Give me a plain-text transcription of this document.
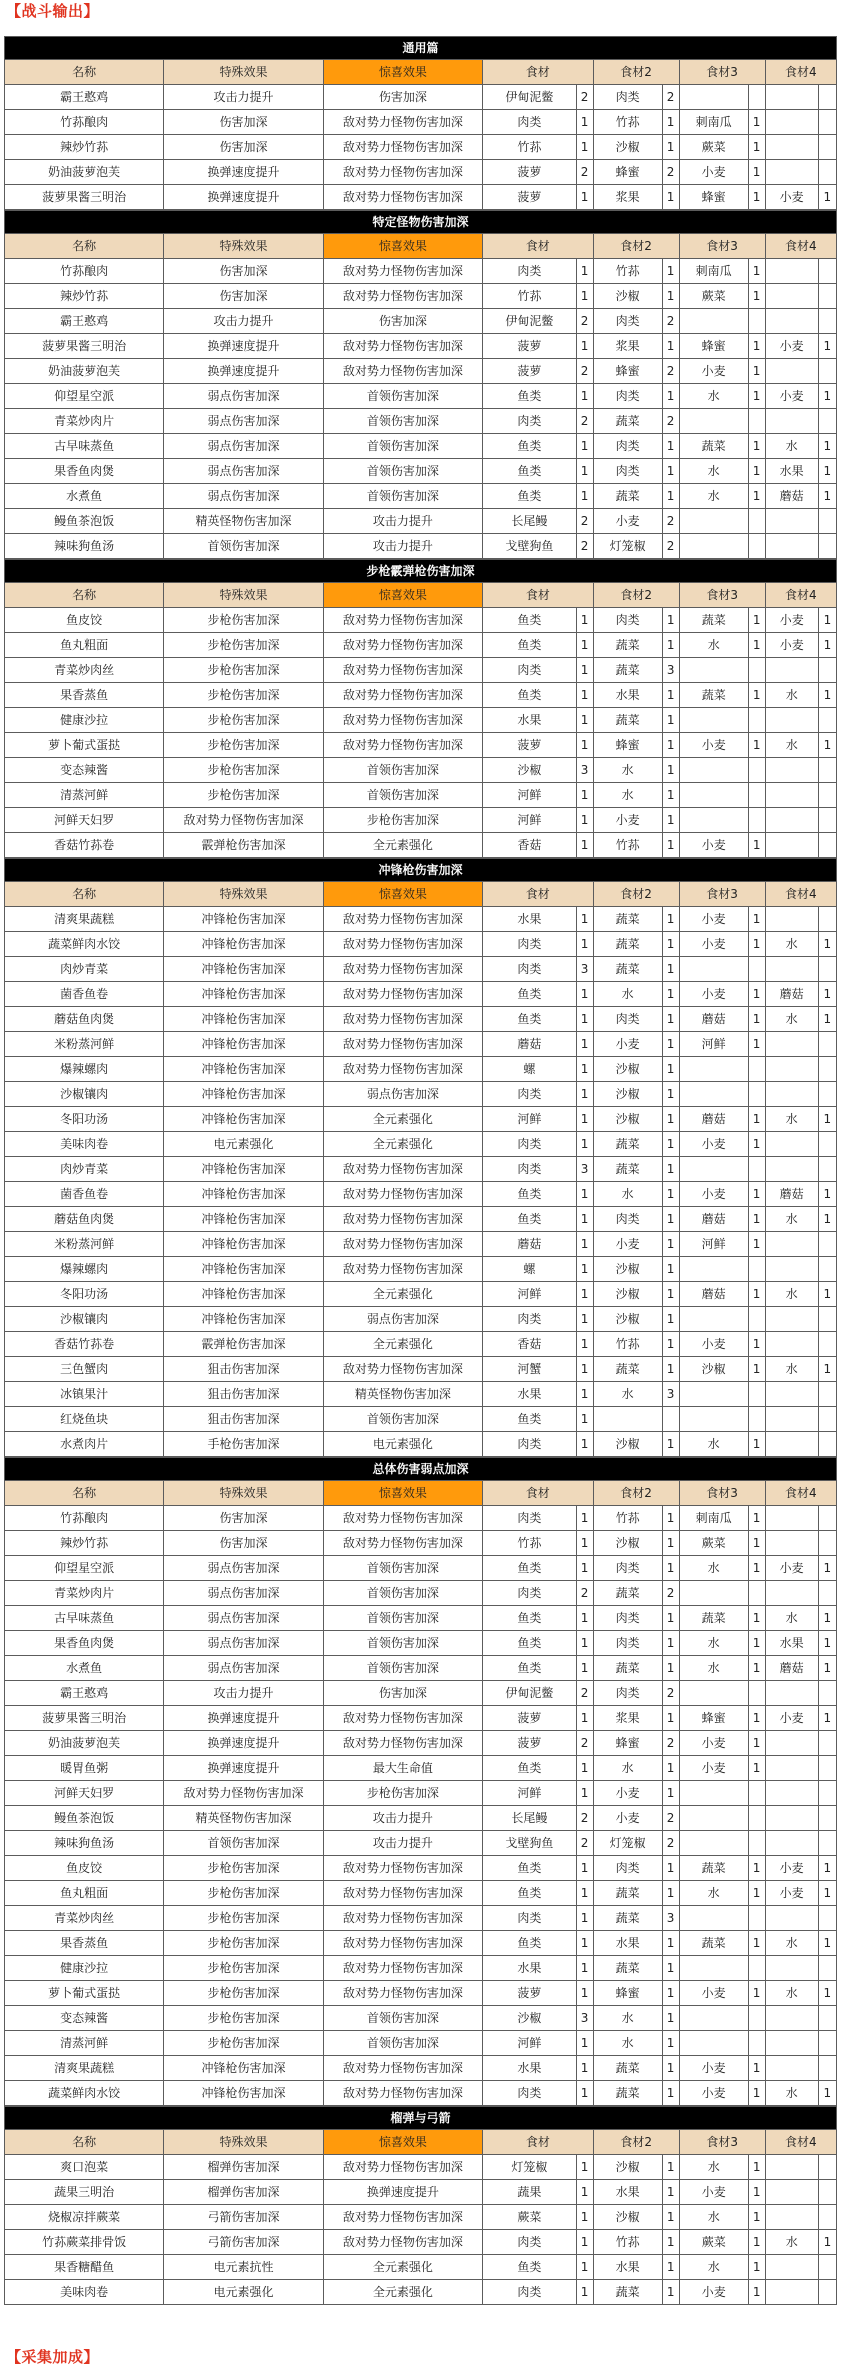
【战斗输出】
通用篇										
名称	特殊效果	惊喜效果	食材		食材2		食材3		食材4	
霸王憨鸡	攻击力提升	伤害加深	伊甸泥鳖	2	肉类	2				
竹荪酿肉	伤害加深	敌对势力怪物伤害加深	肉类	1	竹荪	1	刺南瓜	1		
辣炒竹荪	伤害加深	敌对势力怪物伤害加深	竹荪	1	沙椒	1	蕨菜	1		
奶油菠萝泡芙	换弹速度提升	敌对势力怪物伤害加深	菠萝	2	蜂蜜	2	小麦	1		
菠萝果酱三明治	换弹速度提升	敌对势力怪物伤害加深	菠萝	1	浆果	1	蜂蜜	1	小麦	1
特定怪物伤害加深										
名称	特殊效果	惊喜效果	食材		食材2		食材3		食材4	
竹荪酿肉	伤害加深	敌对势力怪物伤害加深	肉类	1	竹荪	1	刺南瓜	1		
辣炒竹荪	伤害加深	敌对势力怪物伤害加深	竹荪	1	沙椒	1	蕨菜	1		
霸王憨鸡	攻击力提升	伤害加深	伊甸泥鳖	2	肉类	2				
菠萝果酱三明治	换弹速度提升	敌对势力怪物伤害加深	菠萝	1	浆果	1	蜂蜜	1	小麦	1
奶油菠萝泡芙	换弹速度提升	敌对势力怪物伤害加深	菠萝	2	蜂蜜	2	小麦	1		
仰望星空派	弱点伤害加深	首领伤害加深	鱼类	1	肉类	1	水	1	小麦	1
青菜炒肉片	弱点伤害加深	首领伤害加深	肉类	2	蔬菜	2				
古早味蒸鱼	弱点伤害加深	首领伤害加深	鱼类	1	肉类	1	蔬菜	1	水	1
果香鱼肉煲	弱点伤害加深	首领伤害加深	鱼类	1	肉类	1	水	1	水果	1
水煮鱼	弱点伤害加深	首领伤害加深	鱼类	1	蔬菜	1	水	1	蘑菇	1
鳗鱼茶泡饭	精英怪物伤害加深	攻击力提升	长尾鳗	2	小麦	2				
辣味狗鱼汤	首领伤害加深	攻击力提升	戈壁狗鱼	2	灯笼椒	2				
步枪霰弹枪伤害加深										
名称	特殊效果	惊喜效果	食材		食材2		食材3		食材4	
鱼皮饺	步枪伤害加深	敌对势力怪物伤害加深	鱼类	1	肉类	1	蔬菜	1	小麦	1
鱼丸粗面	步枪伤害加深	敌对势力怪物伤害加深	鱼类	1	蔬菜	1	水	1	小麦	1
青菜炒肉丝	步枪伤害加深	敌对势力怪物伤害加深	肉类	1	蔬菜	3				
果香蒸鱼	步枪伤害加深	敌对势力怪物伤害加深	鱼类	1	水果	1	蔬菜	1	水	1
健康沙拉	步枪伤害加深	敌对势力怪物伤害加深	水果	1	蔬菜	1				
萝卜葡式蛋挞	步枪伤害加深	敌对势力怪物伤害加深	菠萝	1	蜂蜜	1	小麦	1	水	1
变态辣酱	步枪伤害加深	首领伤害加深	沙椒	3	水	1				
清蒸河鲜	步枪伤害加深	首领伤害加深	河鲜	1	水	1				
河鲜天妇罗	敌对势力怪物伤害加深	步枪伤害加深	河鲜	1	小麦	1				
香菇竹荪卷	霰弹枪伤害加深	全元素强化	香菇	1	竹荪	1	小麦	1		
冲锋枪伤害加深										
名称	特殊效果	惊喜效果	食材		食材2		食材3		食材4	
清爽果蔬糕	冲锋枪伤害加深	敌对势力怪物伤害加深	水果	1	蔬菜	1	小麦	1		
蔬菜鲜肉水饺	冲锋枪伤害加深	敌对势力怪物伤害加深	肉类	1	蔬菜	1	小麦	1	水	1
肉炒青菜	冲锋枪伤害加深	敌对势力怪物伤害加深	肉类	3	蔬菜	1				
菌香鱼卷	冲锋枪伤害加深	敌对势力怪物伤害加深	鱼类	1	水	1	小麦	1	蘑菇	1
蘑菇鱼肉煲	冲锋枪伤害加深	敌对势力怪物伤害加深	鱼类	1	肉类	1	蘑菇	1	水	1
米粉蒸河鲜	冲锋枪伤害加深	敌对势力怪物伤害加深	蘑菇	1	小麦	1	河鲜	1		
爆辣螺肉	冲锋枪伤害加深	敌对势力怪物伤害加深	螺	1	沙椒	1				
沙椒镶肉	冲锋枪伤害加深	弱点伤害加深	肉类	1	沙椒	1				
冬阳功汤	冲锋枪伤害加深	全元素强化	河鲜	1	沙椒	1	蘑菇	1	水	1
美味肉卷	电元素强化	全元素强化	肉类	1	蔬菜	1	小麦	1		
肉炒青菜	冲锋枪伤害加深	敌对势力怪物伤害加深	肉类	3	蔬菜	1				
菌香鱼卷	冲锋枪伤害加深	敌对势力怪物伤害加深	鱼类	1	水	1	小麦	1	蘑菇	1
蘑菇鱼肉煲	冲锋枪伤害加深	敌对势力怪物伤害加深	鱼类	1	肉类	1	蘑菇	1	水	1
米粉蒸河鲜	冲锋枪伤害加深	敌对势力怪物伤害加深	蘑菇	1	小麦	1	河鲜	1		
爆辣螺肉	冲锋枪伤害加深	敌对势力怪物伤害加深	螺	1	沙椒	1				
冬阳功汤	冲锋枪伤害加深	全元素强化	河鲜	1	沙椒	1	蘑菇	1	水	1
沙椒镶肉	冲锋枪伤害加深	弱点伤害加深	肉类	1	沙椒	1				
香菇竹荪卷	霰弹枪伤害加深	全元素强化	香菇	1	竹荪	1	小麦	1		
三色蟹肉	狙击伤害加深	敌对势力怪物伤害加深	河蟹	1	蔬菜	1	沙椒	1	水	1
冰镇果汁	狙击伤害加深	精英怪物伤害加深	水果	1	水	3				
红烧鱼块	狙击伤害加深	首领伤害加深	鱼类	1						
水煮肉片	手枪伤害加深	电元素强化	肉类	1	沙椒	1	水	1		
总体伤害弱点加深										
名称	特殊效果	惊喜效果	食材		食材2		食材3		食材4	
竹荪酿肉	伤害加深	敌对势力怪物伤害加深	肉类	1	竹荪	1	刺南瓜	1		
辣炒竹荪	伤害加深	敌对势力怪物伤害加深	竹荪	1	沙椒	1	蕨菜	1		
仰望星空派	弱点伤害加深	首领伤害加深	鱼类	1	肉类	1	水	1	小麦	1
青菜炒肉片	弱点伤害加深	首领伤害加深	肉类	2	蔬菜	2				
古早味蒸鱼	弱点伤害加深	首领伤害加深	鱼类	1	肉类	1	蔬菜	1	水	1
果香鱼肉煲	弱点伤害加深	首领伤害加深	鱼类	1	肉类	1	水	1	水果	1
水煮鱼	弱点伤害加深	首领伤害加深	鱼类	1	蔬菜	1	水	1	蘑菇	1
霸王憨鸡	攻击力提升	伤害加深	伊甸泥鳖	2	肉类	2				
菠萝果酱三明治	换弹速度提升	敌对势力怪物伤害加深	菠萝	1	浆果	1	蜂蜜	1	小麦	1
奶油菠萝泡芙	换弹速度提升	敌对势力怪物伤害加深	菠萝	2	蜂蜜	2	小麦	1		
暖胃鱼粥	换弹速度提升	最大生命值	鱼类	1	水	1	小麦	1		
河鲜天妇罗	敌对势力怪物伤害加深	步枪伤害加深	河鲜	1	小麦	1				
鳗鱼茶泡饭	精英怪物伤害加深	攻击力提升	长尾鳗	2	小麦	2				
辣味狗鱼汤	首领伤害加深	攻击力提升	戈壁狗鱼	2	灯笼椒	2				
鱼皮饺	步枪伤害加深	敌对势力怪物伤害加深	鱼类	1	肉类	1	蔬菜	1	小麦	1
鱼丸粗面	步枪伤害加深	敌对势力怪物伤害加深	鱼类	1	蔬菜	1	水	1	小麦	1
青菜炒肉丝	步枪伤害加深	敌对势力怪物伤害加深	肉类	1	蔬菜	3				
果香蒸鱼	步枪伤害加深	敌对势力怪物伤害加深	鱼类	1	水果	1	蔬菜	1	水	1
健康沙拉	步枪伤害加深	敌对势力怪物伤害加深	水果	1	蔬菜	1				
萝卜葡式蛋挞	步枪伤害加深	敌对势力怪物伤害加深	菠萝	1	蜂蜜	1	小麦	1	水	1
变态辣酱	步枪伤害加深	首领伤害加深	沙椒	3	水	1				
清蒸河鲜	步枪伤害加深	首领伤害加深	河鲜	1	水	1				
清爽果蔬糕	冲锋枪伤害加深	敌对势力怪物伤害加深	水果	1	蔬菜	1	小麦	1		
蔬菜鲜肉水饺	冲锋枪伤害加深	敌对势力怪物伤害加深	肉类	1	蔬菜	1	小麦	1	水	1
榴弹与弓箭										
名称	特殊效果	惊喜效果	食材		食材2		食材3		食材4	
爽口泡菜	榴弹伤害加深	敌对势力怪物伤害加深	灯笼椒	1	沙椒	1	水	1		
蔬果三明治	榴弹伤害加深	换弹速度提升	蔬果	1	水果	1	小麦	1		
烧椒凉拌蕨菜	弓箭伤害加深	敌对势力怪物伤害加深	蕨菜	1	沙椒	1	水	1		
竹荪蕨菜排骨饭	弓箭伤害加深	敌对势力怪物伤害加深	肉类	1	竹荪	1	蕨菜	1	水	1
果香糖醋鱼	电元素抗性	全元素强化	鱼类	1	水果	1	水	1		
美味肉卷	电元素强化	全元素强化	肉类	1	蔬菜	1	小麦	1		
【采集加成】
